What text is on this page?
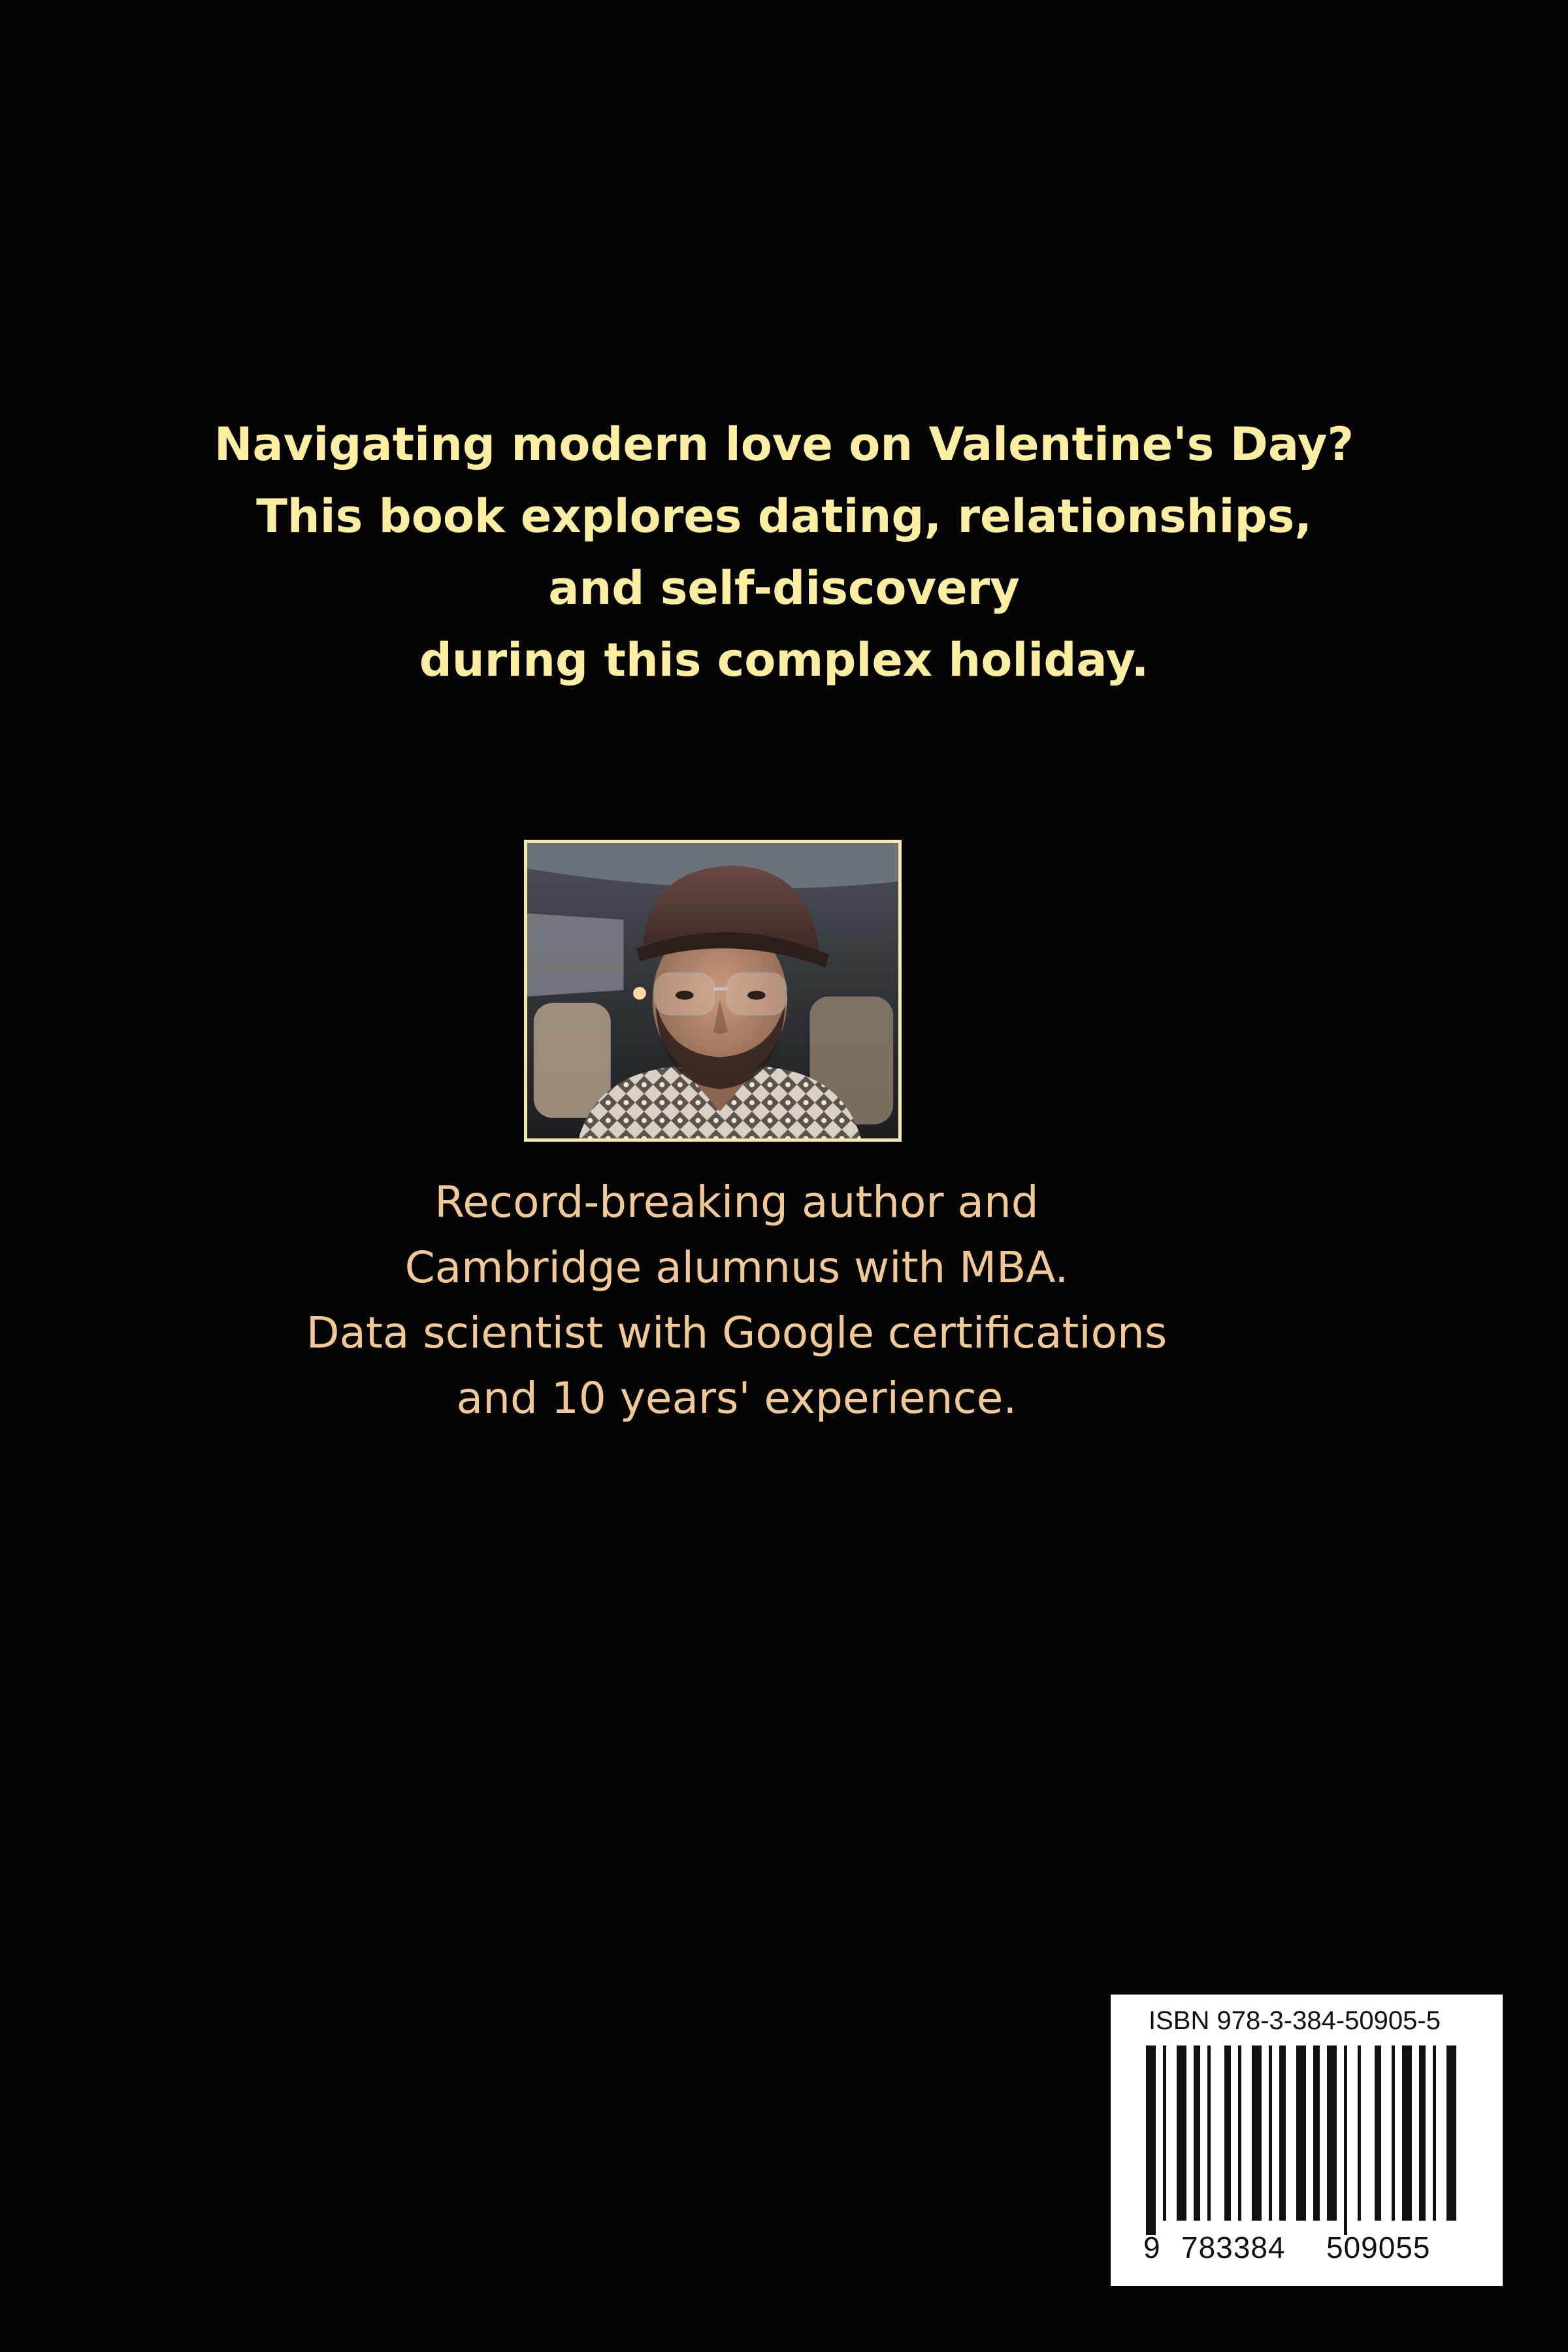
Navigating modern love on Valentine's Day?
This book explores dating, relationships,
and self-discovery
during this complex holiday.
Record-breaking author and
Cambridge alumnus with MBA.
Data scientist with Google certifications
and 10 years' experience.
ISBN 978-3-384-50905-5
9 783384 509055
